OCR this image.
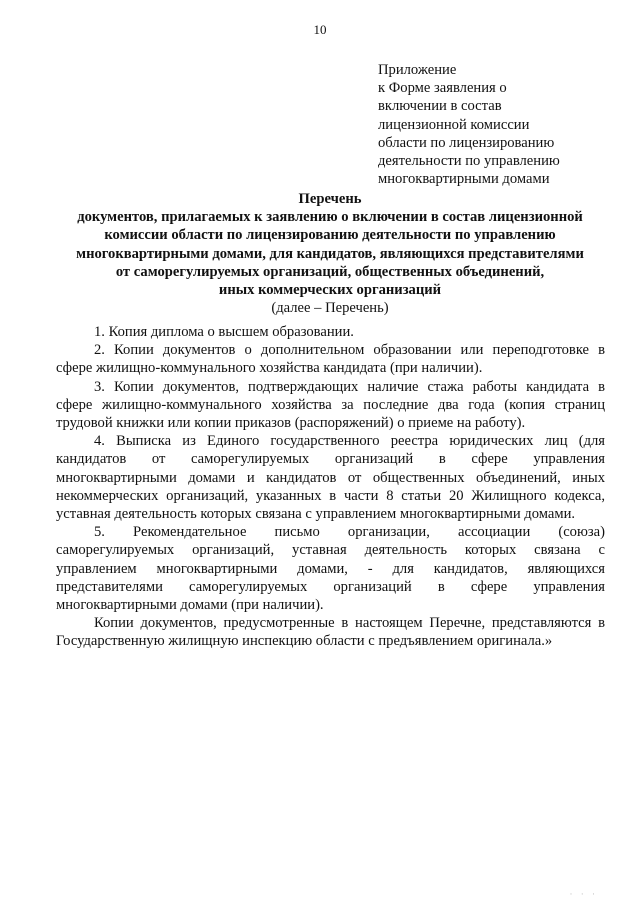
10
Приложение
к Форме заявления о
включении в состав
лицензионной комиссии
области по лицензированию
деятельности по управлению
многоквартирными домами
Перечень
документов, прилагаемых к заявлению о включении в состав лицензионной
комиссии области по лицензированию деятельности по управлению
многоквартирными домами, для кандидатов, являющихся представителями
от саморегулируемых организаций, общественных объединений,
иных коммерческих организаций
(далее – Перечень)

1. Копия диплома о высшем образовании.

2. Копии документов о дополнительном образовании или переподготовке в
сфере жилищно-коммунального хозяйства кандидата (при наличии).

3. Копии документов, подтверждающих наличие стажа работы кандидата в
сфере жилищно-коммунального хозяйства за последние два года (копия страниц
трудовой книжки или копии приказов (распоряжений) о приеме на работу).

4. Выписка из Единого государственного реестра юридических лиц (для
кандидатов от саморегулируемых организаций в сфере управления
многоквартирными домами и кандидатов от общественных объединений, иных
некоммерческих организаций, указанных в части 8 статьи 20 Жилищного кодекса,
уставная деятельность которых связана с управлением многоквартирными домами.

5. Рекомендательное письмо организации, ассоциации (союза)
саморегулируемых организаций, уставная деятельность которых связана с
управлением многоквартирными домами, - для кандидатов, являющихся
представителями саморегулируемых организаций в сфере управления
многоквартирными домами (при наличии).

Копии документов, предусмотренные в настоящем Перечне, представляются в
Государственную жилищную инспекцию области с предъявлением оригинала.»

· · ·
